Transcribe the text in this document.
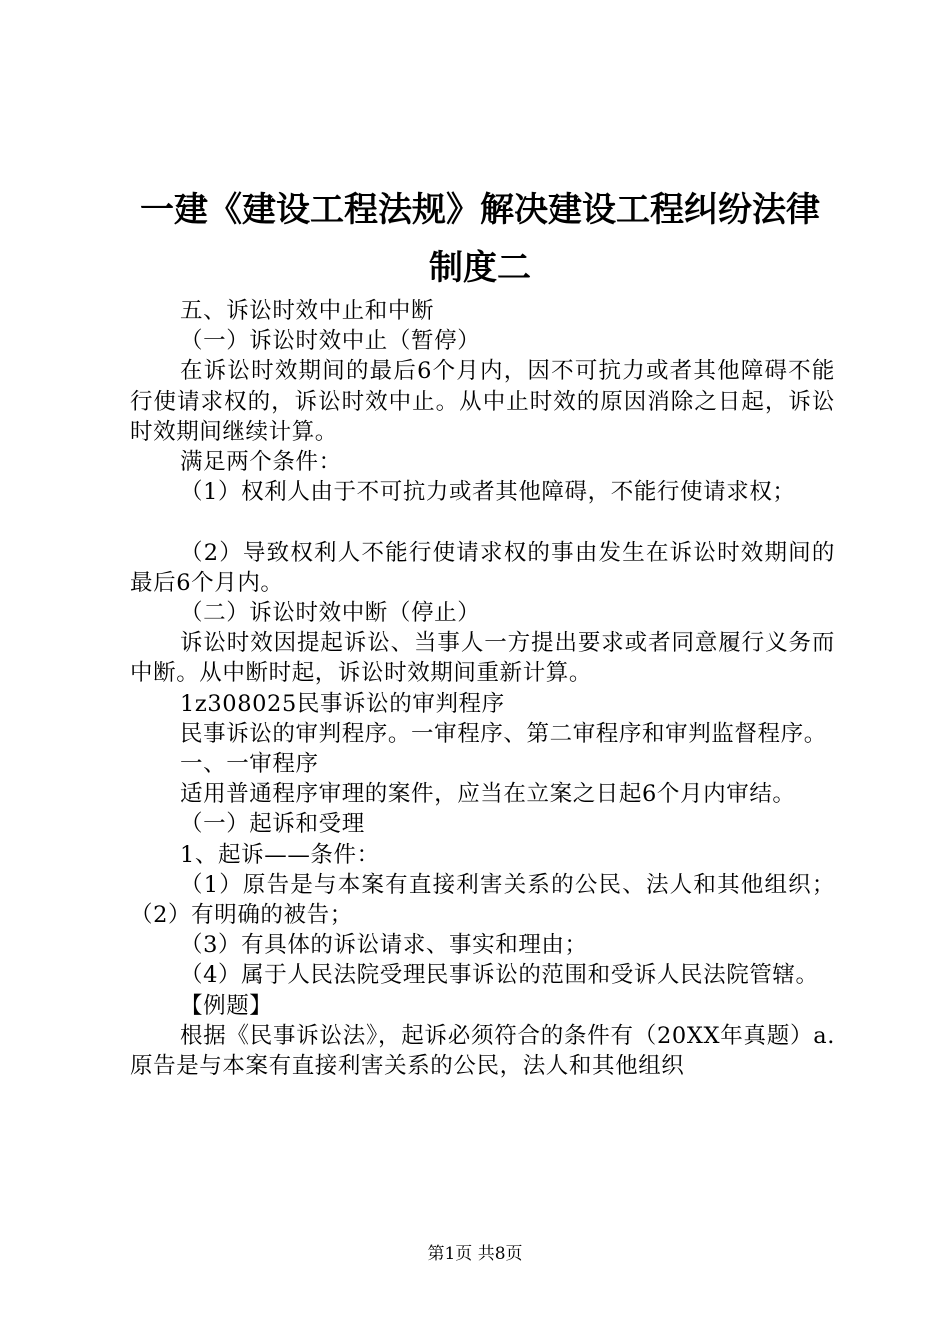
一建《建设工程法规》解决建设工程纠纷法律
制度二

五、诉讼时效中止和中断

（一）诉讼时效中止（暂停）

在诉讼时效期间的最后6个月内，因不可抗力或者其他障碍不能行使请求权的，诉讼时效中止。从中止时效的原因消除之日起，诉讼时效期间继续计算。

满足两个条件：

（1）权利人由于不可抗力或者其他障碍，不能行使请求权；

（2）导致权利人不能行使请求权的事由发生在诉讼时效期间的最后6个月内。

（二）诉讼时效中断（停止）

诉讼时效因提起诉讼、当事人一方提出要求或者同意履行义务而中断。从中断时起，诉讼时效期间重新计算。

1z308025民事诉讼的审判程序

民事诉讼的审判程序。一审程序、第二审程序和审判监督程序。

一、一审程序

适用普通程序审理的案件，应当在立案之日起6个月内审结。

（一）起诉和受理

1、起诉——条件：

（1）原告是与本案有直接利害关系的公民、法人和其他组织；（2）有明确的被告；

（3）有具体的诉讼请求、事实和理由；

（4）属于人民法院受理民事诉讼的范围和受诉人民法院管辖。

【例题】

根据《民事诉讼法》，起诉必须符合的条件有（20XX年真题）a.原告是与本案有直接利害关系的公民，法人和其他组织

第1页 共8页
